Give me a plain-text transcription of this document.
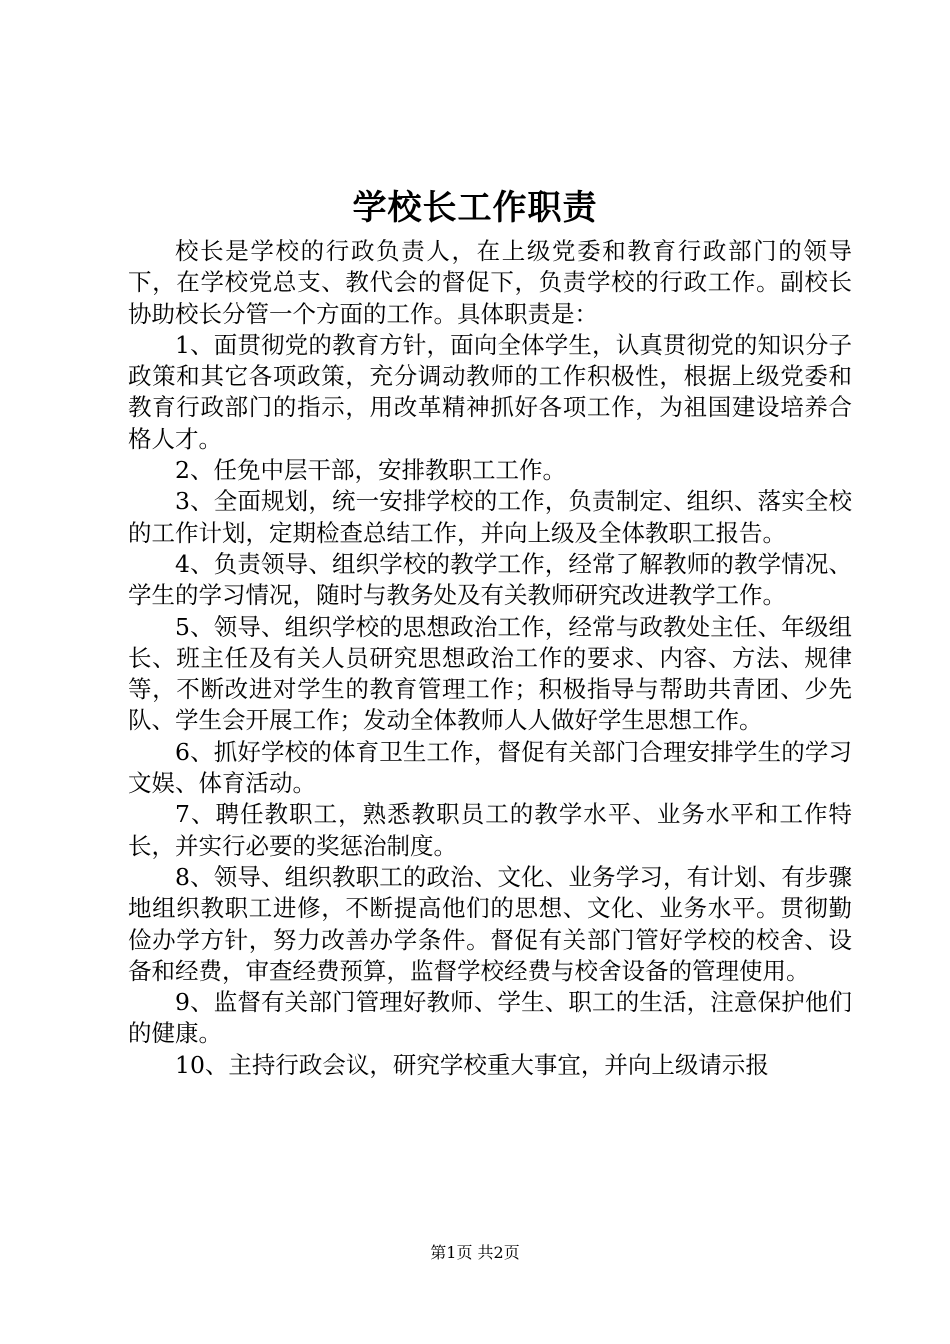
学校长工作职责

校长是学校的行政负责人，在上级党委和教育行政部门的领导下，在学校党总支、教代会的督促下，负责学校的行政工作。副校长协助校长分管一个方面的工作。具体职责是：

1、面贯彻党的教育方针，面向全体学生，认真贯彻党的知识分子政策和其它各项政策，充分调动教师的工作积极性，根据上级党委和教育行政部门的指示，用改革精神抓好各项工作，为祖国建设培养合格人才。

2、任免中层干部，安排教职工工作。

3、全面规划，统一安排学校的工作，负责制定、组织、落实全校的工作计划，定期检查总结工作，并向上级及全体教职工报告。

4、负责领导、组织学校的教学工作，经常了解教师的教学情况、学生的学习情况，随时与教务处及有关教师研究改进教学工作。

5、领导、组织学校的思想政治工作，经常与政教处主任、年级组长、班主任及有关人员研究思想政治工作的要求、内容、方法、规律等，不断改进对学生的教育管理工作；积极指导与帮助共青团、少先队、学生会开展工作；发动全体教师人人做好学生思想工作。

6、抓好学校的体育卫生工作，督促有关部门合理安排学生的学习文娱、体育活动。

7、聘任教职工，熟悉教职员工的教学水平、业务水平和工作特长，并实行必要的奖惩治制度。

8、领导、组织教职工的政治、文化、业务学习，有计划、有步骤地组织教职工进修，不断提高他们的思想、文化、业务水平。贯彻勤俭办学方针，努力改善办学条件。督促有关部门管好学校的校舍、设备和经费，审查经费预算，监督学校经费与校舍设备的管理使用。

9、监督有关部门管理好教师、学生、职工的生活，注意保护他们的健康。

10、主持行政会议，研究学校重大事宜，并向上级请示报

第1页 共2页
